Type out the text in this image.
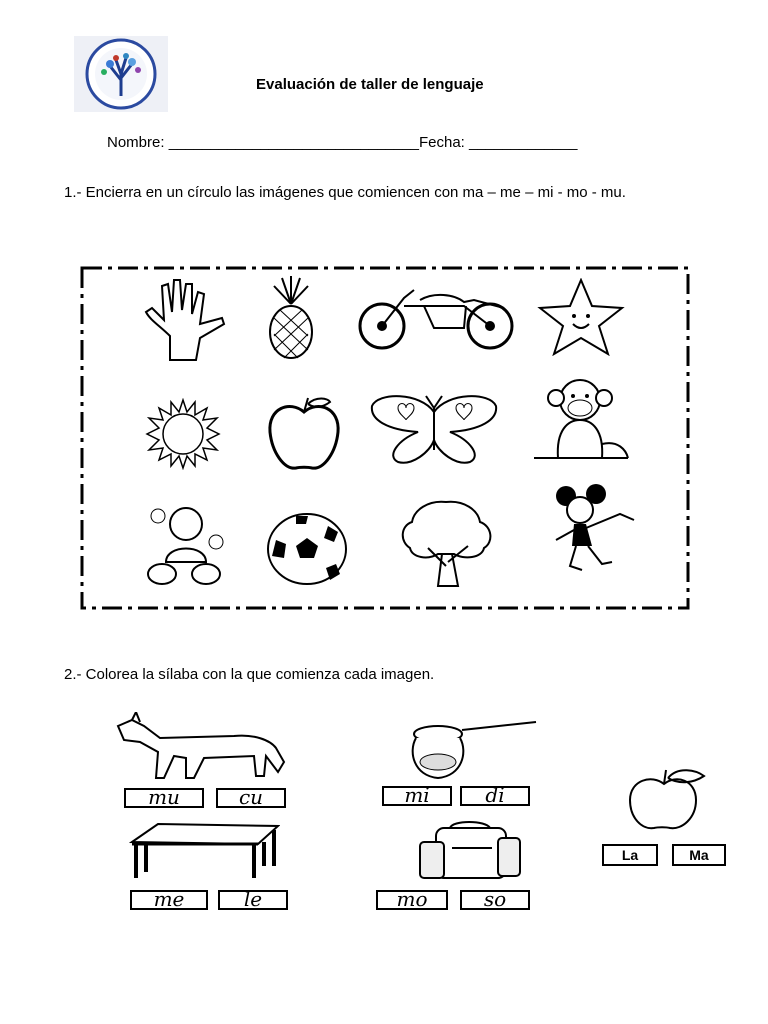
Evaluación de taller de lenguaje
Nombre: ______________________________Fecha: _____________
1.- Encierra en un círculo las imágenes que comiencen con ma – me – mi - mo - mu.
2.- Colorea la sílaba con la que comienza cada imagen.
mu	cu	mi	di
me	le	mo	so
La	Ma
